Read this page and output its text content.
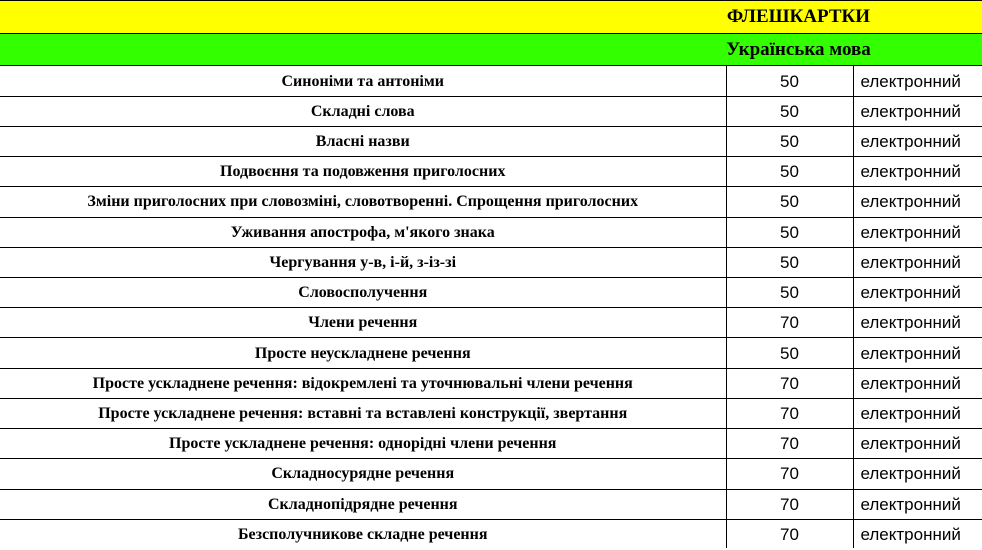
ФЛЕШКАРТКИ		
Українська мова		
Синоніми та антоніми	50	електронний
Складні слова	50	електронний
Власні назви	50	електронний
Подвоєння та подовження приголосних	50	електронний
Зміни приголосних при словозміні, словотворенні. Спрощення приголосних	50	електронний
Уживання апострофа, м'якого знака	50	електронний
Чергування у-в, і-й, з-із-зі	50	електронний
Словосполучення	50	електронний
Члени речення	70	електронний
Просте неускладнене речення	50	електронний
Просте ускладнене речення: відокремлені та уточнювальні члени речення	70	електронний
Просте ускладнене речення: вставні та вставлені конструкції, звертання	70	електронний
Просте ускладнене речення: однорідні члени речення	70	електронний
Складносурядне речення	70	електронний
Складнопідрядне речення	70	електронний
Безсполучникове складне речення	70	електронний
